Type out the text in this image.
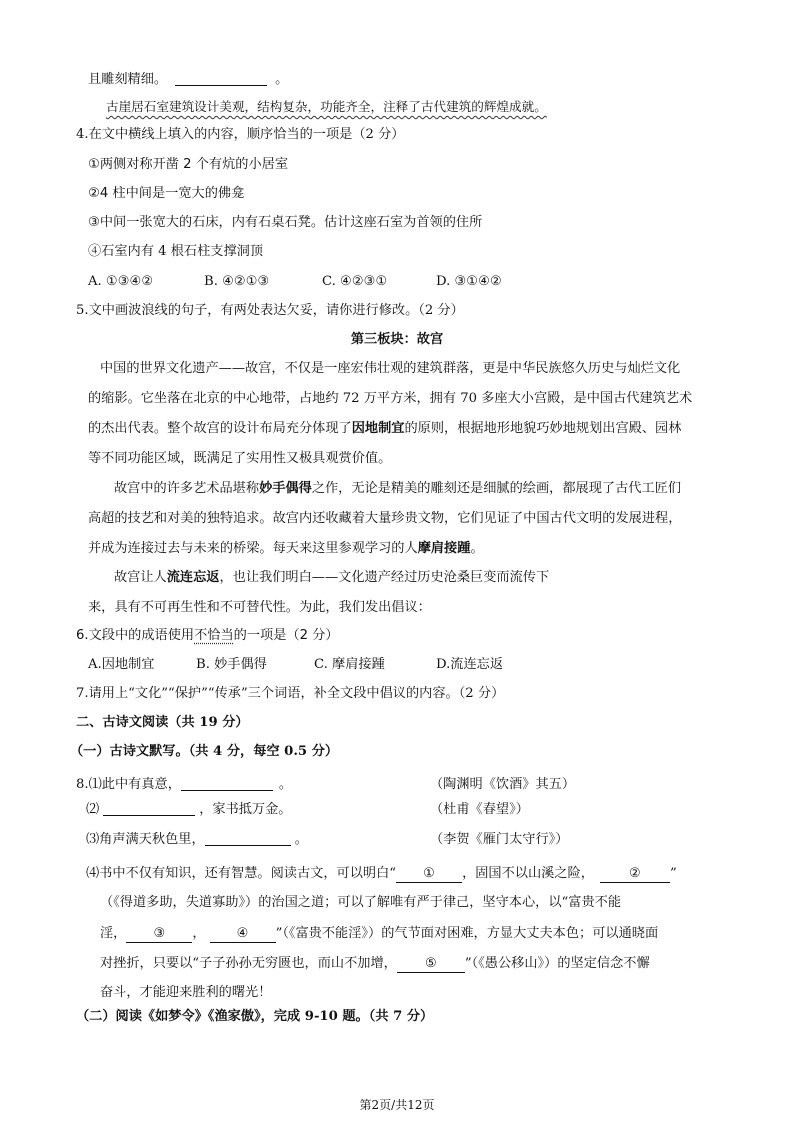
且雕刻精细。	。
古崖居石室建筑设计美观，结构复杂，功能齐全，注释了古代建筑的辉煌成就。
4.在文中横线上填入的内容，顺序恰当的一项是（2 分）
①两侧对称开凿 2 个有炕的小居室
②4 柱中间是一宽大的佛龛
③中间一张宽大的石床，内有石桌石凳。估计这座石室为首领的住所
④石室内有 4 根石柱支撑洞顶
A. ①③④②	B. ④②①③	C. ④②③①	D. ③①④②
5.文中画波浪线的句子，有两处表达欠妥，请你进行修改。（2 分）
第三板块：故宫
中国的世界文化遗产——故宫，不仅是一座宏伟壮观的建筑群落，更是中华民族悠久历史与灿烂文化
的缩影。它坐落在北京的中心地带，占地约 72 万平方米，拥有 70 多座大小宫殿，是中国古代建筑艺术
的杰出代表。整个故宫的设计布局充分体现了因地制宜的原则，根据地形地貌巧妙地规划出宫殿、园林
等不同功能区域，既满足了实用性又极具观赏价值。
故宫中的许多艺术品堪称妙手偶得之作，无论是精美的雕刻还是细腻的绘画，都展现了古代工匠们
高超的技艺和对美的独特追求。故宫内还收藏着大量珍贵文物，它们见证了中国古代文明的发展进程，
并成为连接过去与未来的桥梁。每天来这里参观学习的人摩肩接踵。
故宫让人流连忘返，也让我们明白——文化遗产经过历史沧桑巨变而流传下
来，具有不可再生性和不可替代性。为此，我们发出倡议：
6.文段中的成语使用不恰当的一项是（2 分）
A.因地制宜	B. 妙手偶得	C. 摩肩接踵	D.流连忘返
7.请用上“文化”“保护”“传承”三个词语，补全文段中倡议的内容。（2 分）
二、古诗文阅读（共 19 分）
（一）古诗文默写。（共 4 分，每空 0.5 分）
8.⑴此中有真意，	。	（陶渊明《饮酒》其五）
⑵	，家书抵万金。	（杜甫《春望》）
⑶角声满天秋色里，	。	（李贺《雁门太守行》）
⑷书中不仅有知识，还有智慧。阅读古文，可以明白“ ① ，固国不以山溪之险，	② ”
（《得道多助，失道寡助》）的治国之道；可以了解唯有严于律己，坚守本心，以“富贵不能
淫， ③ ， ④ ”（《富贵不能淫》）的气节面对困难，方显大丈夫本色；可以通晓面
对挫折，只要以“子子孙孙无穷匮也，而山不加增， ⑤ ”（《愚公移山》）的坚定信念不懈
奋斗，才能迎来胜利的曙光！
（二）阅读《如梦令》《渔家傲》，完成 9-10 题。（共 7 分）
第2页/共12页
